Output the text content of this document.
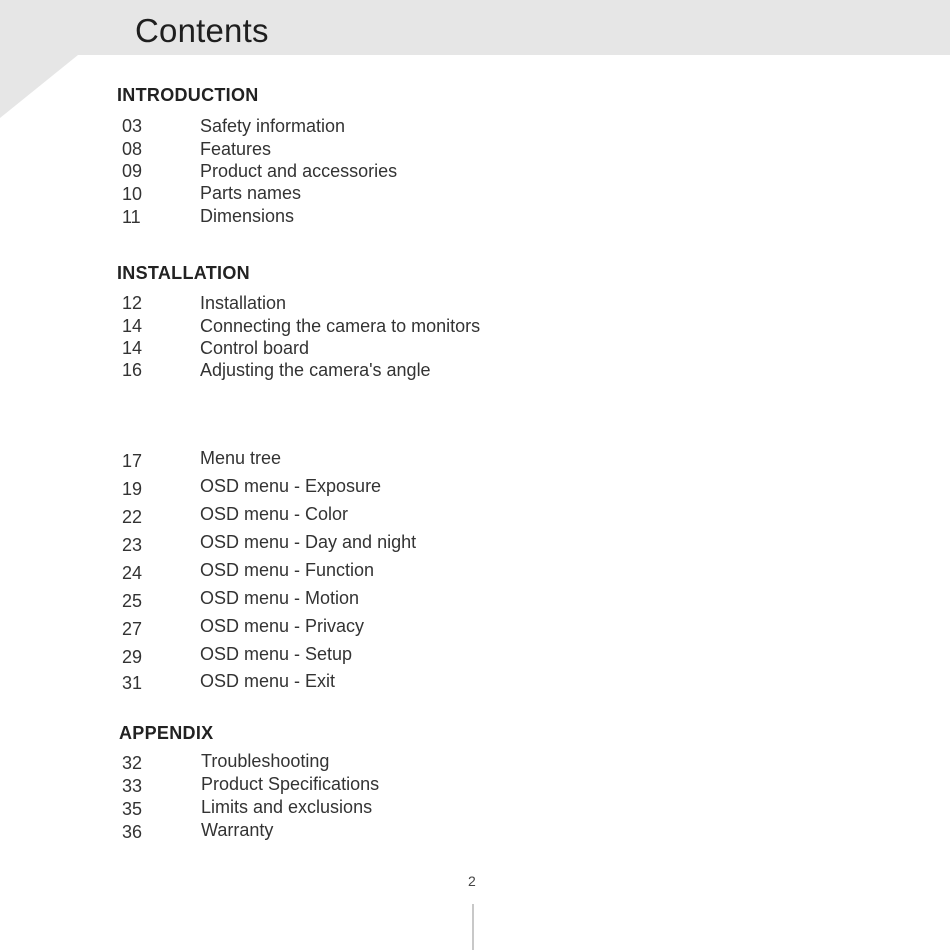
Contents
INTRODUCTION
03	Safety information
08	Features
09	Product and accessories
10	Parts names
11	Dimensions
INSTALLATION
12	Installation
14	Connecting the camera to monitors
14	Control board
16	Adjusting the camera's angle
17	Menu tree
19	OSD menu - Exposure
22	OSD menu - Color
23	OSD menu - Day and night
24	OSD menu - Function
25	OSD menu - Motion
27	OSD menu - Privacy
29	OSD menu - Setup
31	OSD menu - Exit
APPENDIX
32	Troubleshooting
33	Product Specifications
35	Limits and exclusions
36	Warranty
2
